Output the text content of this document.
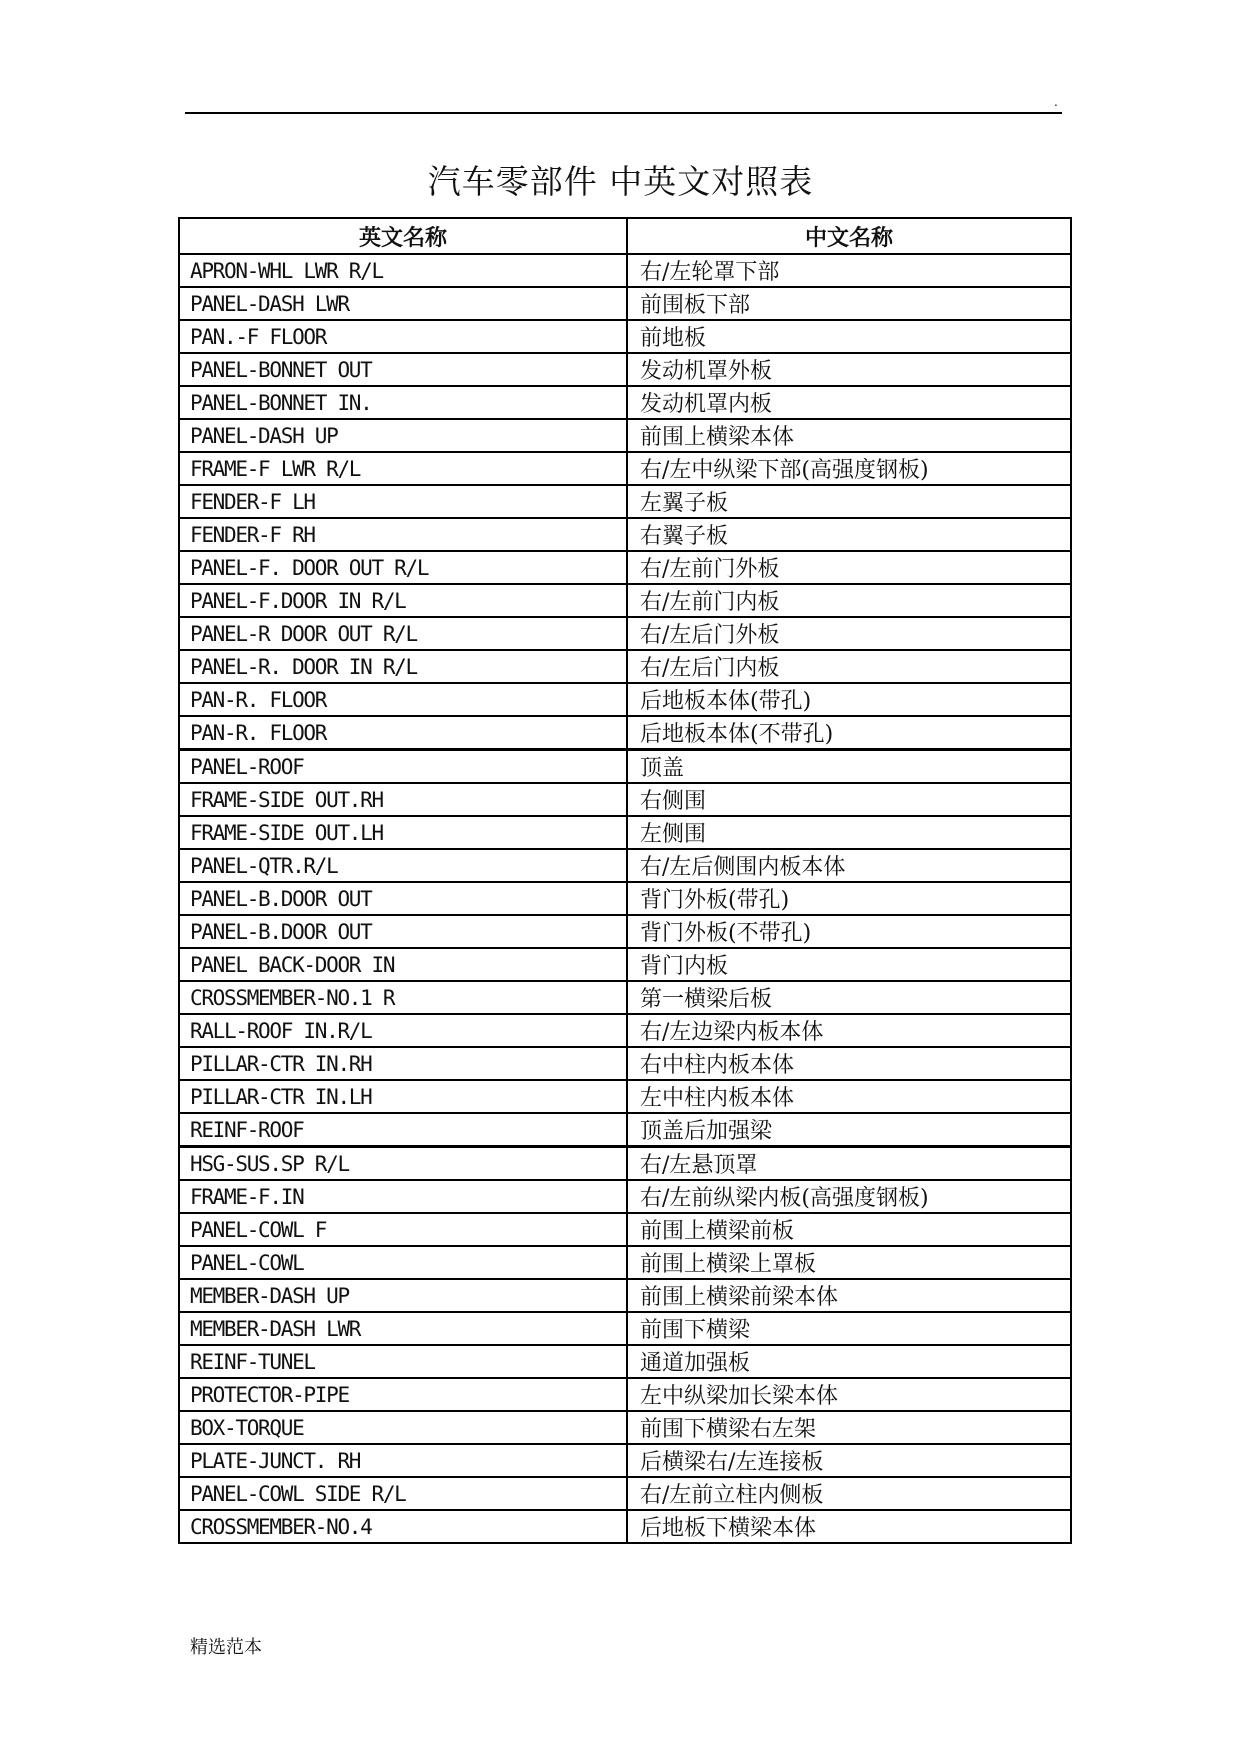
.
汽车零部件 中英文对照表
英文名称	中文名称
APRON-WHL LWR R/L	右/左轮罩下部
PANEL-DASH LWR	前围板下部
PAN.-F FLOOR	前地板
PANEL-BONNET OUT	发动机罩外板
PANEL-BONNET IN.	发动机罩内板
PANEL-DASH UP	前围上横梁本体
FRAME-F LWR R/L	右/左中纵梁下部(高强度钢板)
FENDER-F LH	左翼子板
FENDER-F RH	右翼子板
PANEL-F. DOOR OUT R/L	右/左前门外板
PANEL-F.DOOR IN R/L	右/左前门内板
PANEL-R DOOR OUT R/L	右/左后门外板
PANEL-R. DOOR IN R/L	右/左后门内板
PAN-R. FLOOR	后地板本体(带孔)
PAN-R. FLOOR	后地板本体(不带孔)
PANEL-ROOF	顶盖
FRAME-SIDE OUT.RH	右侧围
FRAME-SIDE OUT.LH	左侧围
PANEL-QTR.R/L	右/左后侧围内板本体
PANEL-B.DOOR OUT	背门外板(带孔)
PANEL-B.DOOR OUT	背门外板(不带孔)
PANEL BACK-DOOR IN	背门内板
CROSSMEMBER-NO.1 R	第一横梁后板
RALL-ROOF IN.R/L	右/左边梁内板本体
PILLAR-CTR IN.RH	右中柱内板本体
PILLAR-CTR IN.LH	左中柱内板本体
REINF-ROOF	顶盖后加强梁
HSG-SUS.SP R/L	右/左悬顶罩
FRAME-F.IN	右/左前纵梁内板(高强度钢板)
PANEL-COWL F	前围上横梁前板
PANEL-COWL	前围上横梁上罩板
MEMBER-DASH UP	前围上横梁前梁本体
MEMBER-DASH LWR	前围下横梁
REINF-TUNEL	通道加强板
PROTECTOR-PIPE	左中纵梁加长梁本体
BOX-TORQUE	前围下横梁右左架
PLATE-JUNCT. RH	后横梁右/左连接板
PANEL-COWL SIDE R/L	右/左前立柱内侧板
CROSSMEMBER-NO.4	后地板下横梁本体
精选范本
